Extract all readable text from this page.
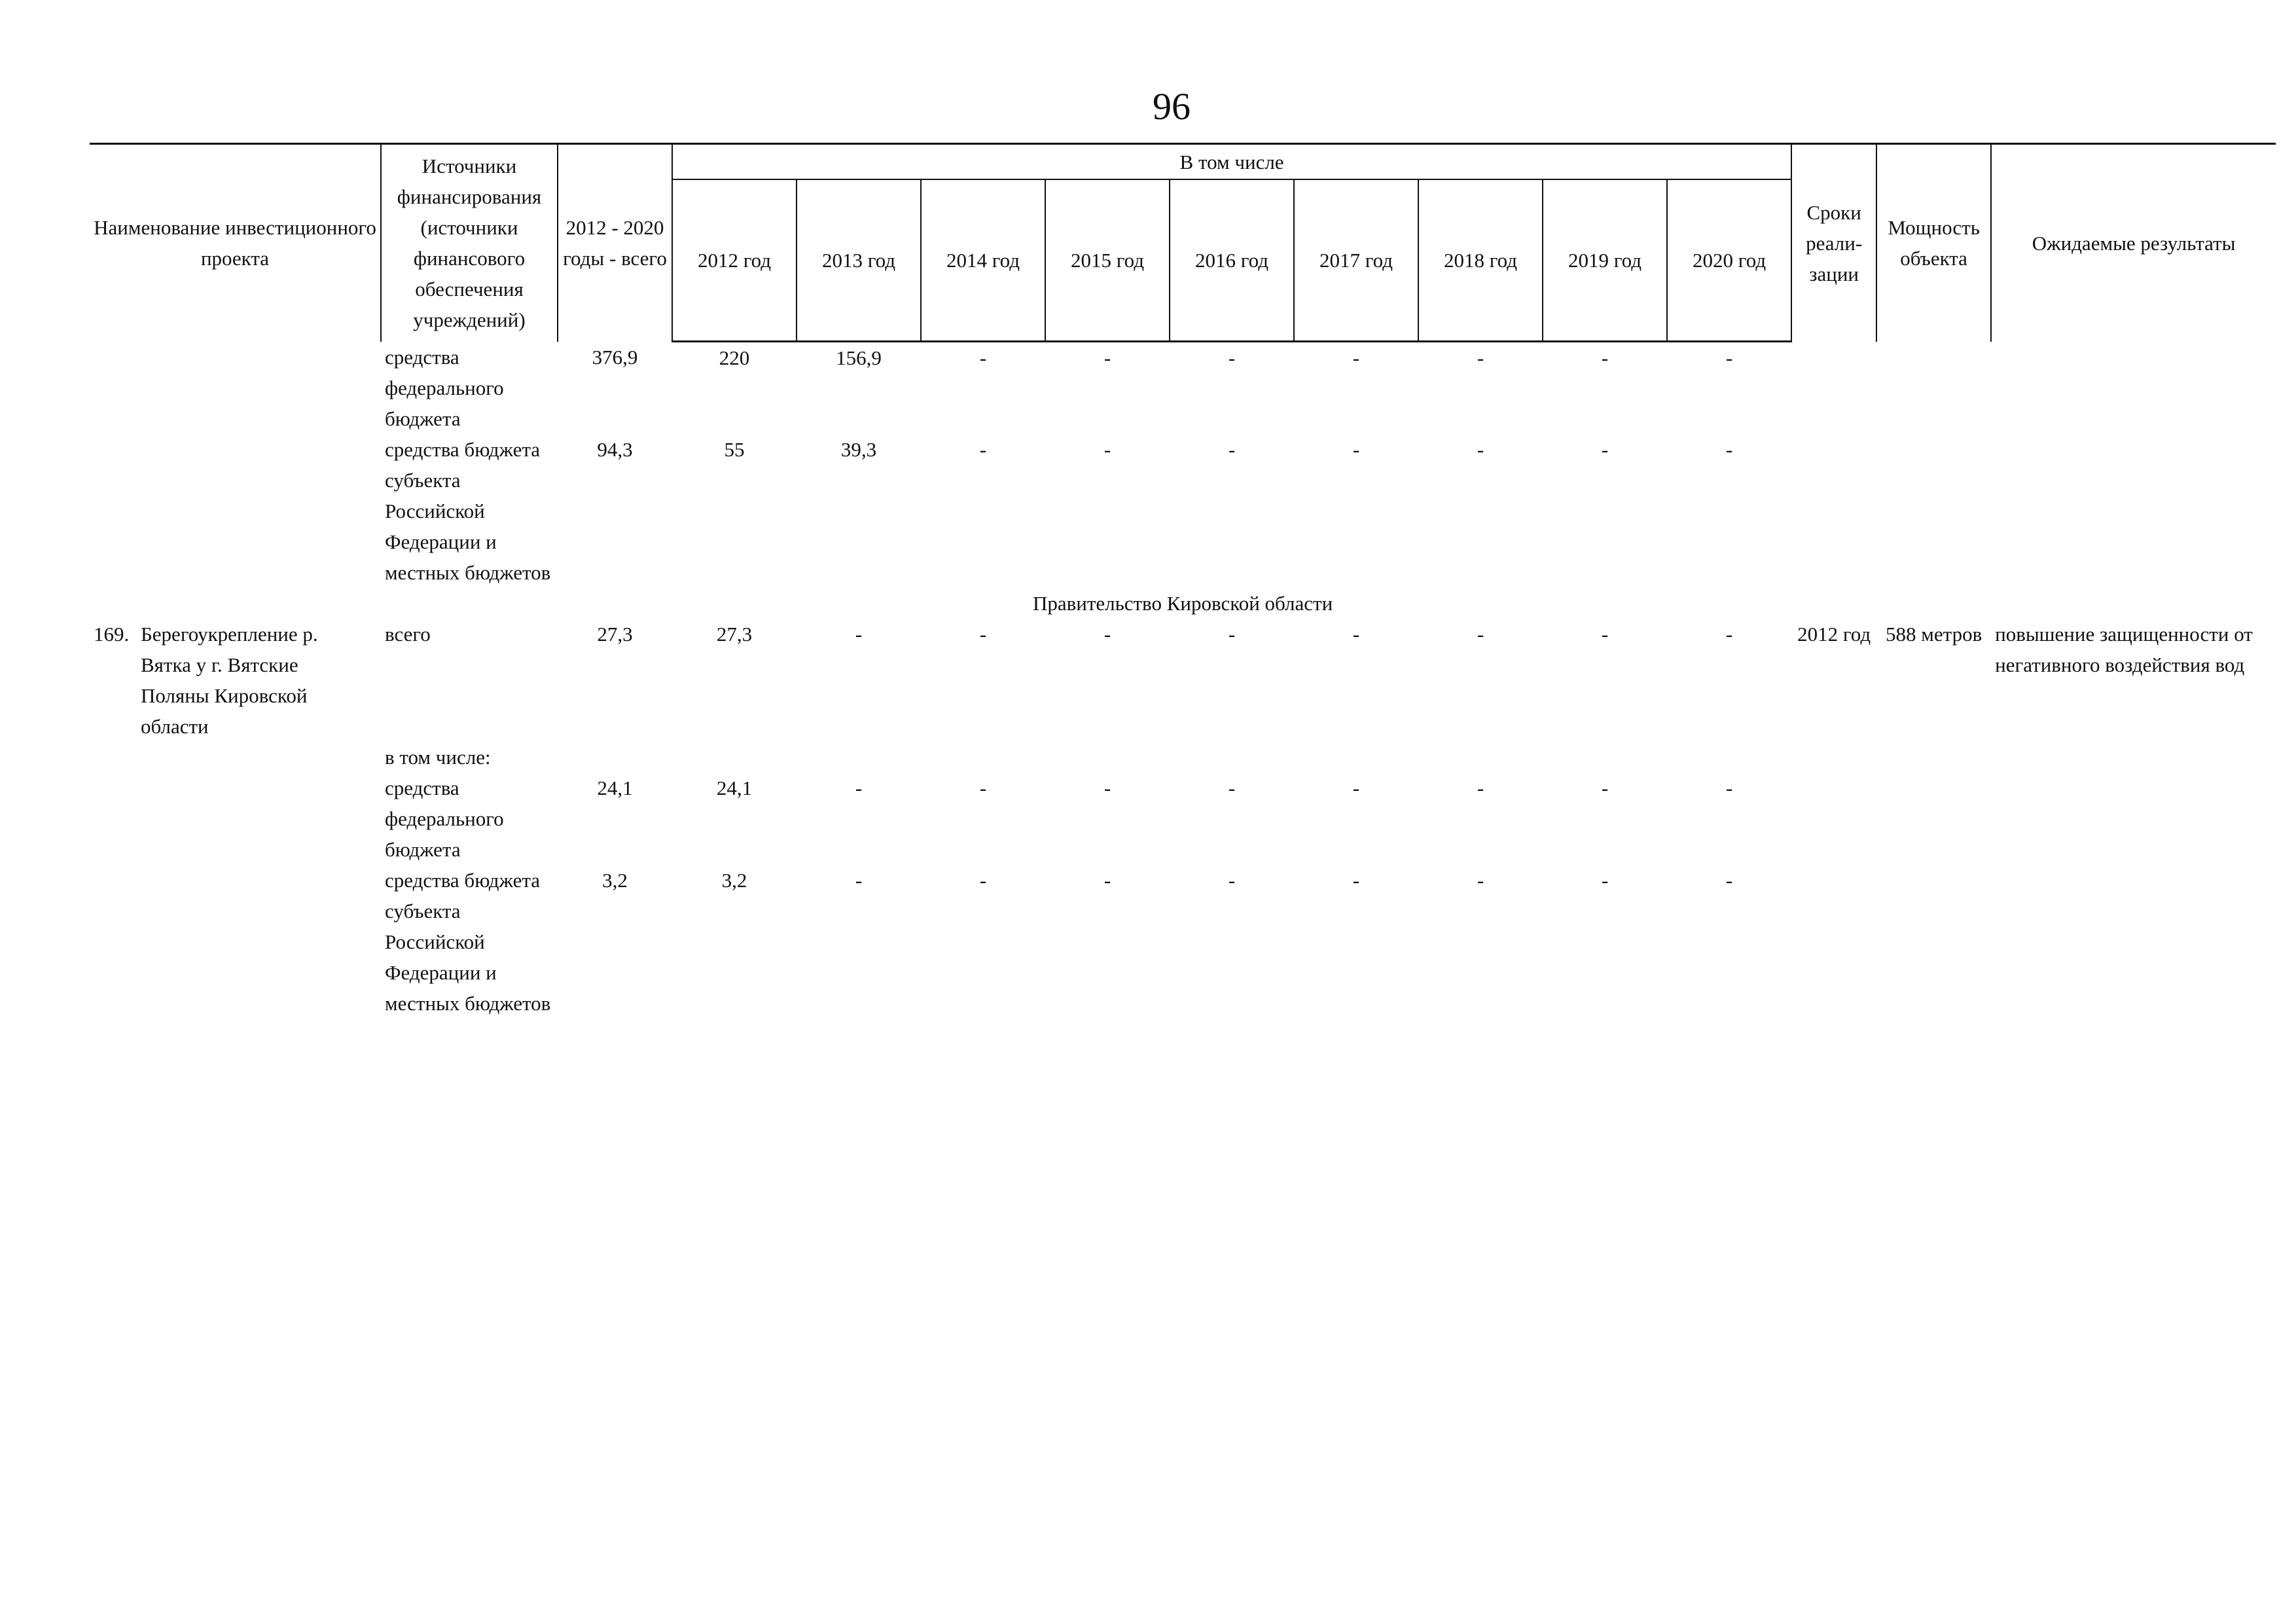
96
Наименование инвестиционного проекта	Источники финансирования (источники финансового обеспечения учреждений)	2012 - 2020 годы - всего	В том числе									Сроки реали- зации	Мощность объекта	Ожидаемые результаты
			2012 год	2013 год	2014 год	2015 год	2016 год	2017 год	2018 год	2019 год	2020 год			
	средства федерального бюджета	376,9	220	156,9	-	-	-	-	-	-	-			
	средства бюджета субъекта Российской Федерации и местных бюджетов	94,3	55	39,3	-	-	-	-	-	-	-			
Правительство Кировской области														
169. Берегоукрепление р. Вятка у г. Вятские Поляны Кировской области	всего	27,3	27,3	-	-	-	-	-	-	-	-	2012 год	588 метров	повышение защищенности от негативного воздействия вод
	в том числе:													
	средства федерального бюджета	24,1	24,1	-	-	-	-	-	-	-	-			
	средства бюджета субъекта Российской Федерации и местных бюджетов	3,2	3,2	-	-	-	-	-	-	-	-			
